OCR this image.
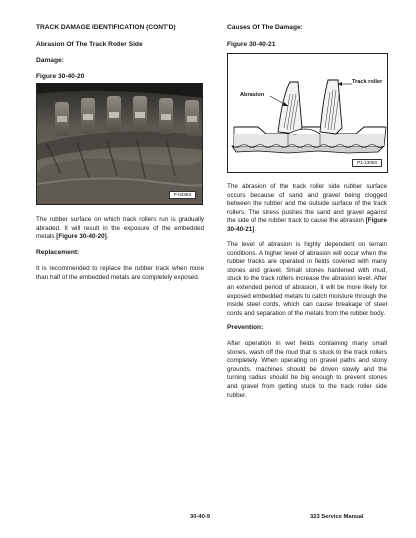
TRACK DAMAGE IDENTIFICATION (CONT'D)
Abrasion Of The Track Roller Side
Damage:
Figure 30-40-20
P-04383
The rubber surface on which track rollers run is gradually abraded. It will result in the exposure of the embedded metals [Figure 30-40-20].
Replacement:
It is recommended to replace the rubber track when more than half of the embedded metals are completely exposed.
Causes Of The Damage:
Figure 30-40-21
Track roller
Abrasion
P1-13053
The abrasion of the track roller side rubber surface occurs because of sand and gravel being clogged between the rubber and the outside surface of the track rollers. The stress pushes the sand and gravel against the side of the rubber track to cause the abrasion [Figure 30-40-21].
The level of abrasion is highly dependent on terrain conditions. A higher level of abrasion will occur when the rubber tracks are operated in fields covered with many stones and gravel. Small stones hardened with mud, stuck to the track rollers increase the abrasion level. After an extended period of abrasion, it will be more likely for exposed embedded metals to catch moisture through the inside steel cords, which can cause breakage of steel cords and separation of the metals from the rubber body.
Prevention:
After operation in wet fields containing many small stones, wash off the mud that is stuck to the track rollers completely. When operating on gravel paths and stony grounds, machines should be driven slowly and the turning radius should be big enough to prevent stones and gravel from getting stuck to the track roller side rubber.
30-40-9	323 Service Manual
